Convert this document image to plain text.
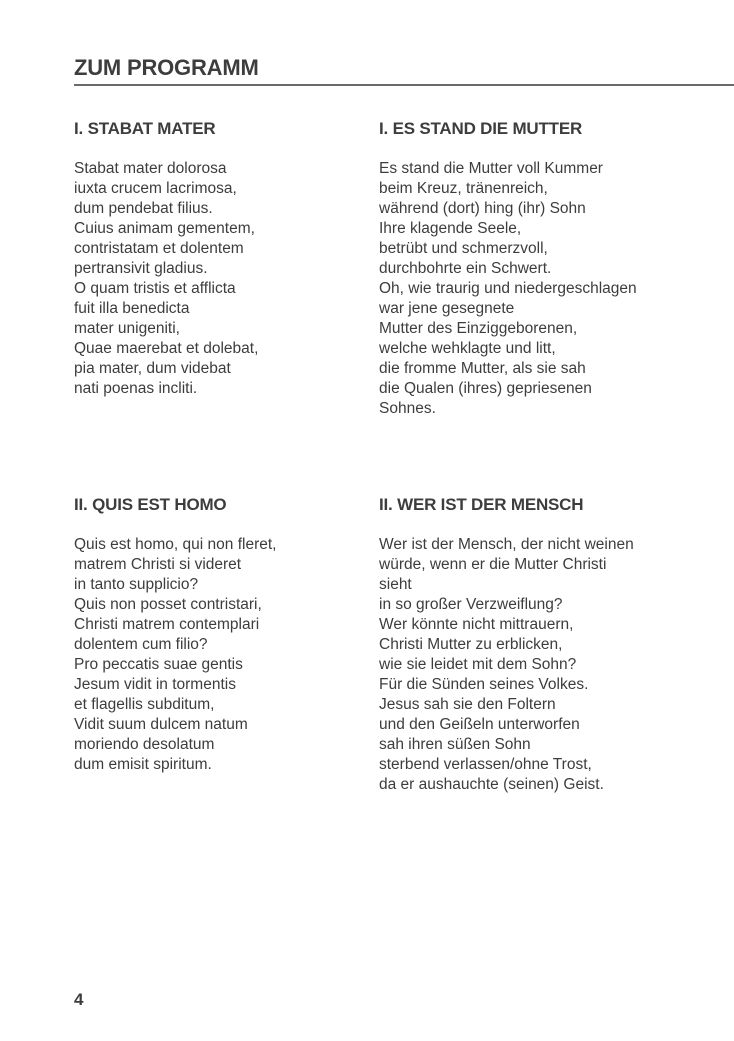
ZUM PROGRAMM
I. STABAT MATER
Stabat mater dolorosa
iuxta crucem lacrimosa,
dum pendebat filius.
Cuius animam gementem,
contristatam et dolentem
pertransivit gladius.
O quam tristis et afflicta
fuit illa benedicta
mater unigeniti,
Quae maerebat et dolebat,
pia mater, dum videbat
nati poenas incliti.
I. ES STAND DIE MUTTER
Es stand die Mutter voll Kummer
beim Kreuz, tränenreich,
während (dort) hing (ihr) Sohn
Ihre klagende Seele,
betrübt und schmerzvoll,
durchbohrte ein Schwert.
Oh, wie traurig und niedergeschlagen
war jene gesegnete
Mutter des Einziggeborenen,
welche wehklagte und litt,
die fromme Mutter, als sie sah
die Qualen (ihres) gepriesenen
Sohnes.
II. QUIS EST HOMO
Quis est homo, qui non fleret,
matrem Christi si videret
in tanto supplicio?
Quis non posset contristari,
Christi matrem contemplari
dolentem cum filio?
Pro peccatis suae gentis
Jesum vidit in tormentis
et flagellis subditum,
Vidit suum dulcem natum
moriendo desolatum
dum emisit spiritum.
II. WER IST DER MENSCH
Wer ist der Mensch, der nicht weinen
würde, wenn er die Mutter Christi
sieht
in so großer Verzweiflung?
Wer könnte nicht mittrauern,
Christi Mutter zu erblicken,
wie sie leidet mit dem Sohn?
Für die Sünden seines Volkes.
Jesus sah sie den Foltern
und den Geißeln unterworfen
sah ihren süßen Sohn
sterbend verlassen/ohne Trost,
da er aushauchte (seinen) Geist.
4
